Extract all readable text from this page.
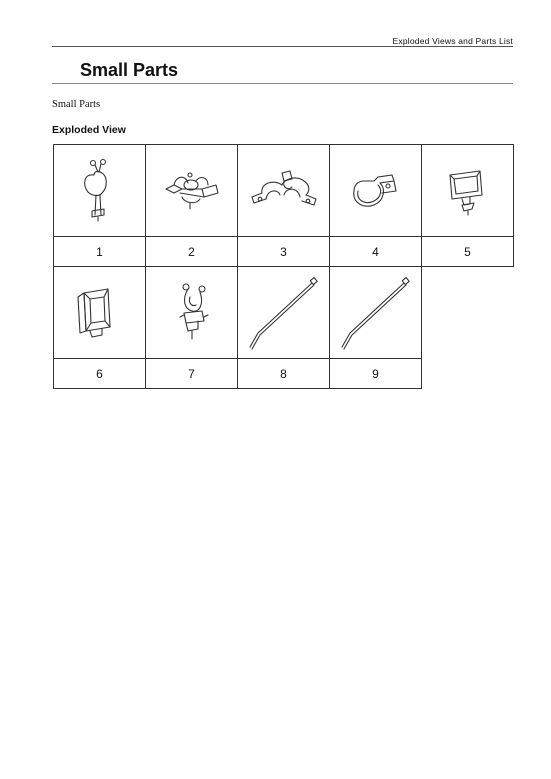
Exploded Views and Parts List
Small Parts
Small Parts
Exploded View

1	2	3	4	5

6	7	8	9	
